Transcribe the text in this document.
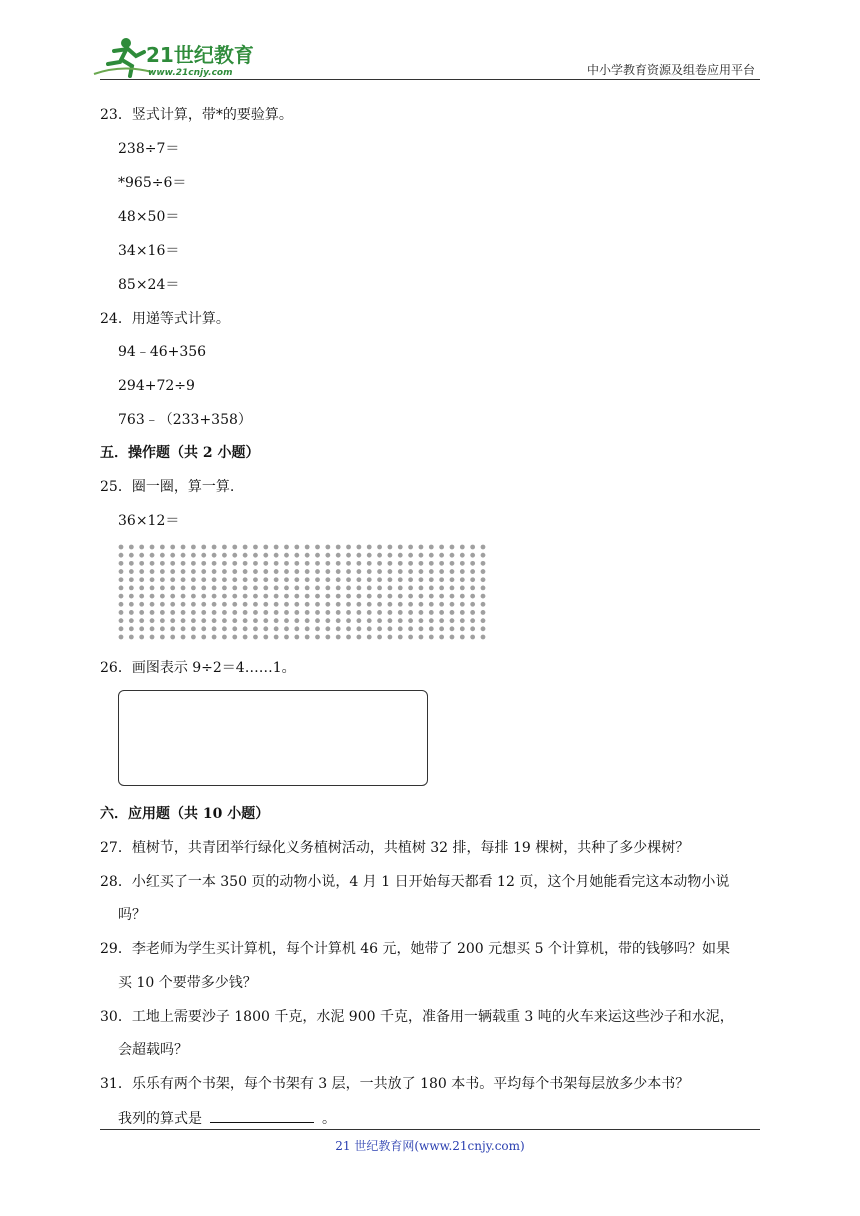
21世纪教育
www.21cnjy.com	中小学教育资源及组卷应用平台
23．竖式计算，带*的要验算。
238÷7＝
*965÷6＝
48×50＝
34×16＝
85×24＝
24．用递等式计算。
94﹣46+356
294+72÷9
763﹣（233+358）
五．操作题（共 2 小题）
25．圈一圈，算一算.
36×12＝
26．画图表示 9÷2＝4……1。
六．应用题（共 10 小题）
27．植树节，共青团举行绿化义务植树活动，共植树 32 排，每排 19 棵树，共种了多少棵树？
28．小红买了一本 350 页的动物小说，4 月 1 日开始每天都看 12 页，这个月她能看完这本动物小说
吗？
29．李老师为学生买计算机，每个计算机 46 元，她带了 200 元想买 5 个计算机，带的钱够吗？如果
买 10 个要带多少钱？
30．工地上需要沙子 1800 千克，水泥 900 千克，准备用一辆载重 3 吨的火车来运这些沙子和水泥，
会超载吗？
31．乐乐有两个书架，每个书架有 3 层，一共放了 180 本书。平均每个书架每层放多少本书？
我列的算式是	。
21 世纪教育网(www.21cnjy.com)
